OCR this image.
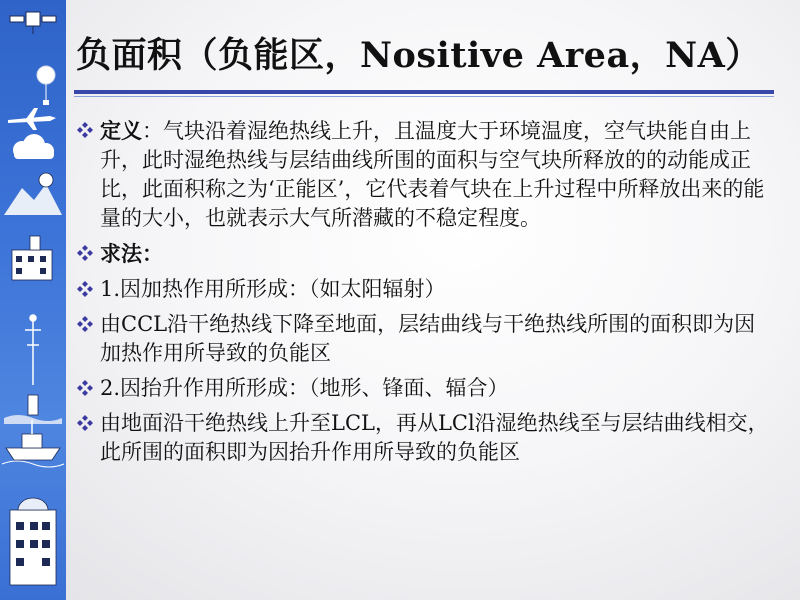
负面积（负能区，Nositive Area，NA）
定义：气块沿着湿绝热线上升，且温度大于环境温度，空气块能自由上升，此时湿绝热线与层结曲线所围的面积与空气块所释放的的动能成正比，此面积称之为‘正能区’，它代表着气块在上升过程中所释放出来的能量的大小，也就表示大气所潜藏的不稳定程度。
求法：
1.因加热作用所形成：（如太阳辐射）
由CCL沿干绝热线下降至地面，层结曲线与干绝热线所围的面积即为因加热作用所导致的负能区
2.因抬升作用所形成：（地形、锋面、辐合）
由地面沿干绝热线上升至LCL，再从LCl沿湿绝热线至与层结曲线相交，此所围的面积即为因抬升作用所导致的负能区
